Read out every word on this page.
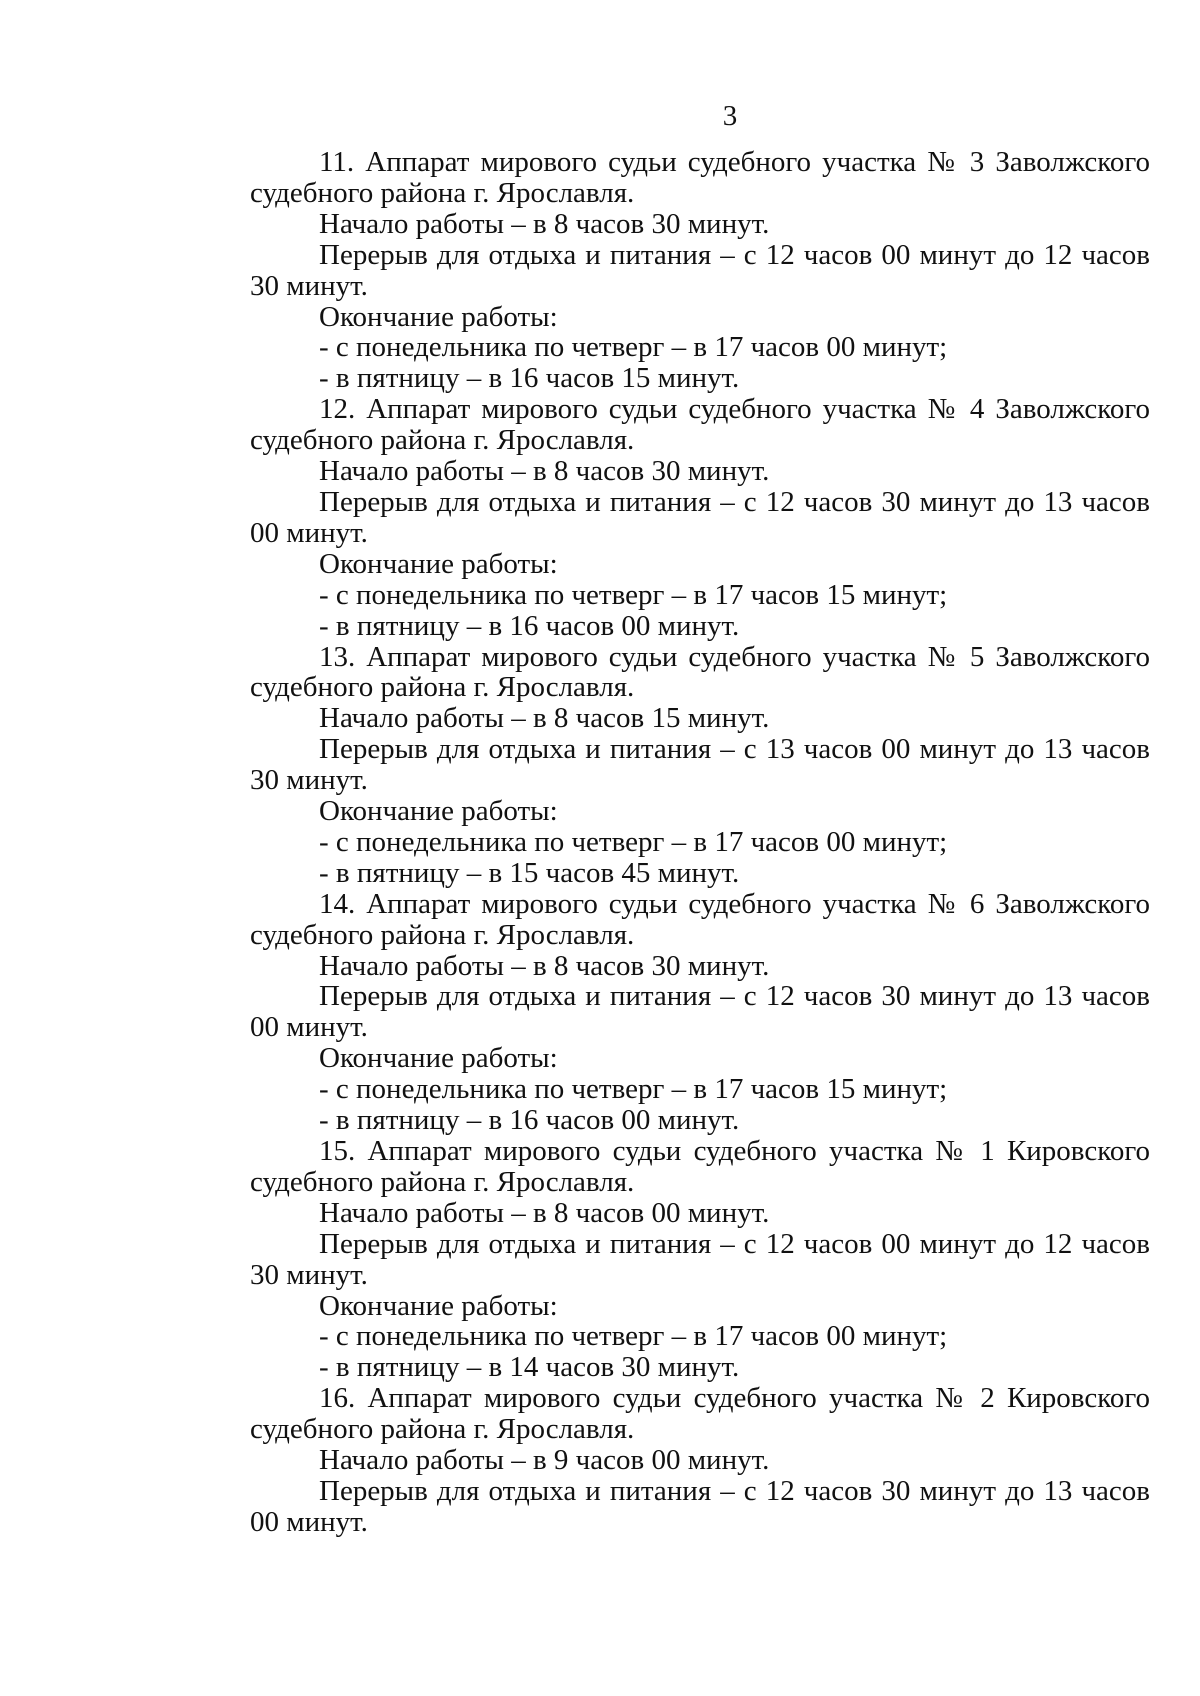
3
11. Аппарат мирового судьи судебного участка № 3 Заволжского
судебного района г. Ярославля.
Начало работы – в 8 часов 30 минут.
Перерыв для отдыха и питания – с 12 часов 00 минут до 12 часов
30 минут.
Окончание работы:
- с понедельника по четверг – в 17 часов 00 минут;
- в пятницу – в 16 часов 15 минут.
12. Аппарат мирового судьи судебного участка № 4 Заволжского
судебного района г. Ярославля.
Начало работы – в 8 часов 30 минут.
Перерыв для отдыха и питания – с 12 часов 30 минут до 13 часов
00 минут.
Окончание работы:
- с понедельника по четверг – в 17 часов 15 минут;
- в пятницу – в 16 часов 00 минут.
13. Аппарат мирового судьи судебного участка № 5 Заволжского
судебного района г. Ярославля.
Начало работы – в 8 часов 15 минут.
Перерыв для отдыха и питания – с 13 часов 00 минут до 13 часов
30 минут.
Окончание работы:
- с понедельника по четверг – в 17 часов 00 минут;
- в пятницу – в 15 часов 45 минут.
14. Аппарат мирового судьи судебного участка № 6 Заволжского
судебного района г. Ярославля.
Начало работы – в 8 часов 30 минут.
Перерыв для отдыха и питания – с 12 часов 30 минут до 13 часов
00 минут.
Окончание работы:
- с понедельника по четверг – в 17 часов 15 минут;
- в пятницу – в 16 часов 00 минут.
15. Аппарат мирового судьи судебного участка № 1 Кировского
судебного района г. Ярославля.
Начало работы – в 8 часов 00 минут.
Перерыв для отдыха и питания – с 12 часов 00 минут до 12 часов
30 минут.
Окончание работы:
- с понедельника по четверг – в 17 часов 00 минут;
- в пятницу – в 14 часов 30 минут.
16. Аппарат мирового судьи судебного участка № 2 Кировского
судебного района г. Ярославля.
Начало работы – в 9 часов 00 минут.
Перерыв для отдыха и питания – с 12 часов 30 минут до 13 часов
00 минут.
